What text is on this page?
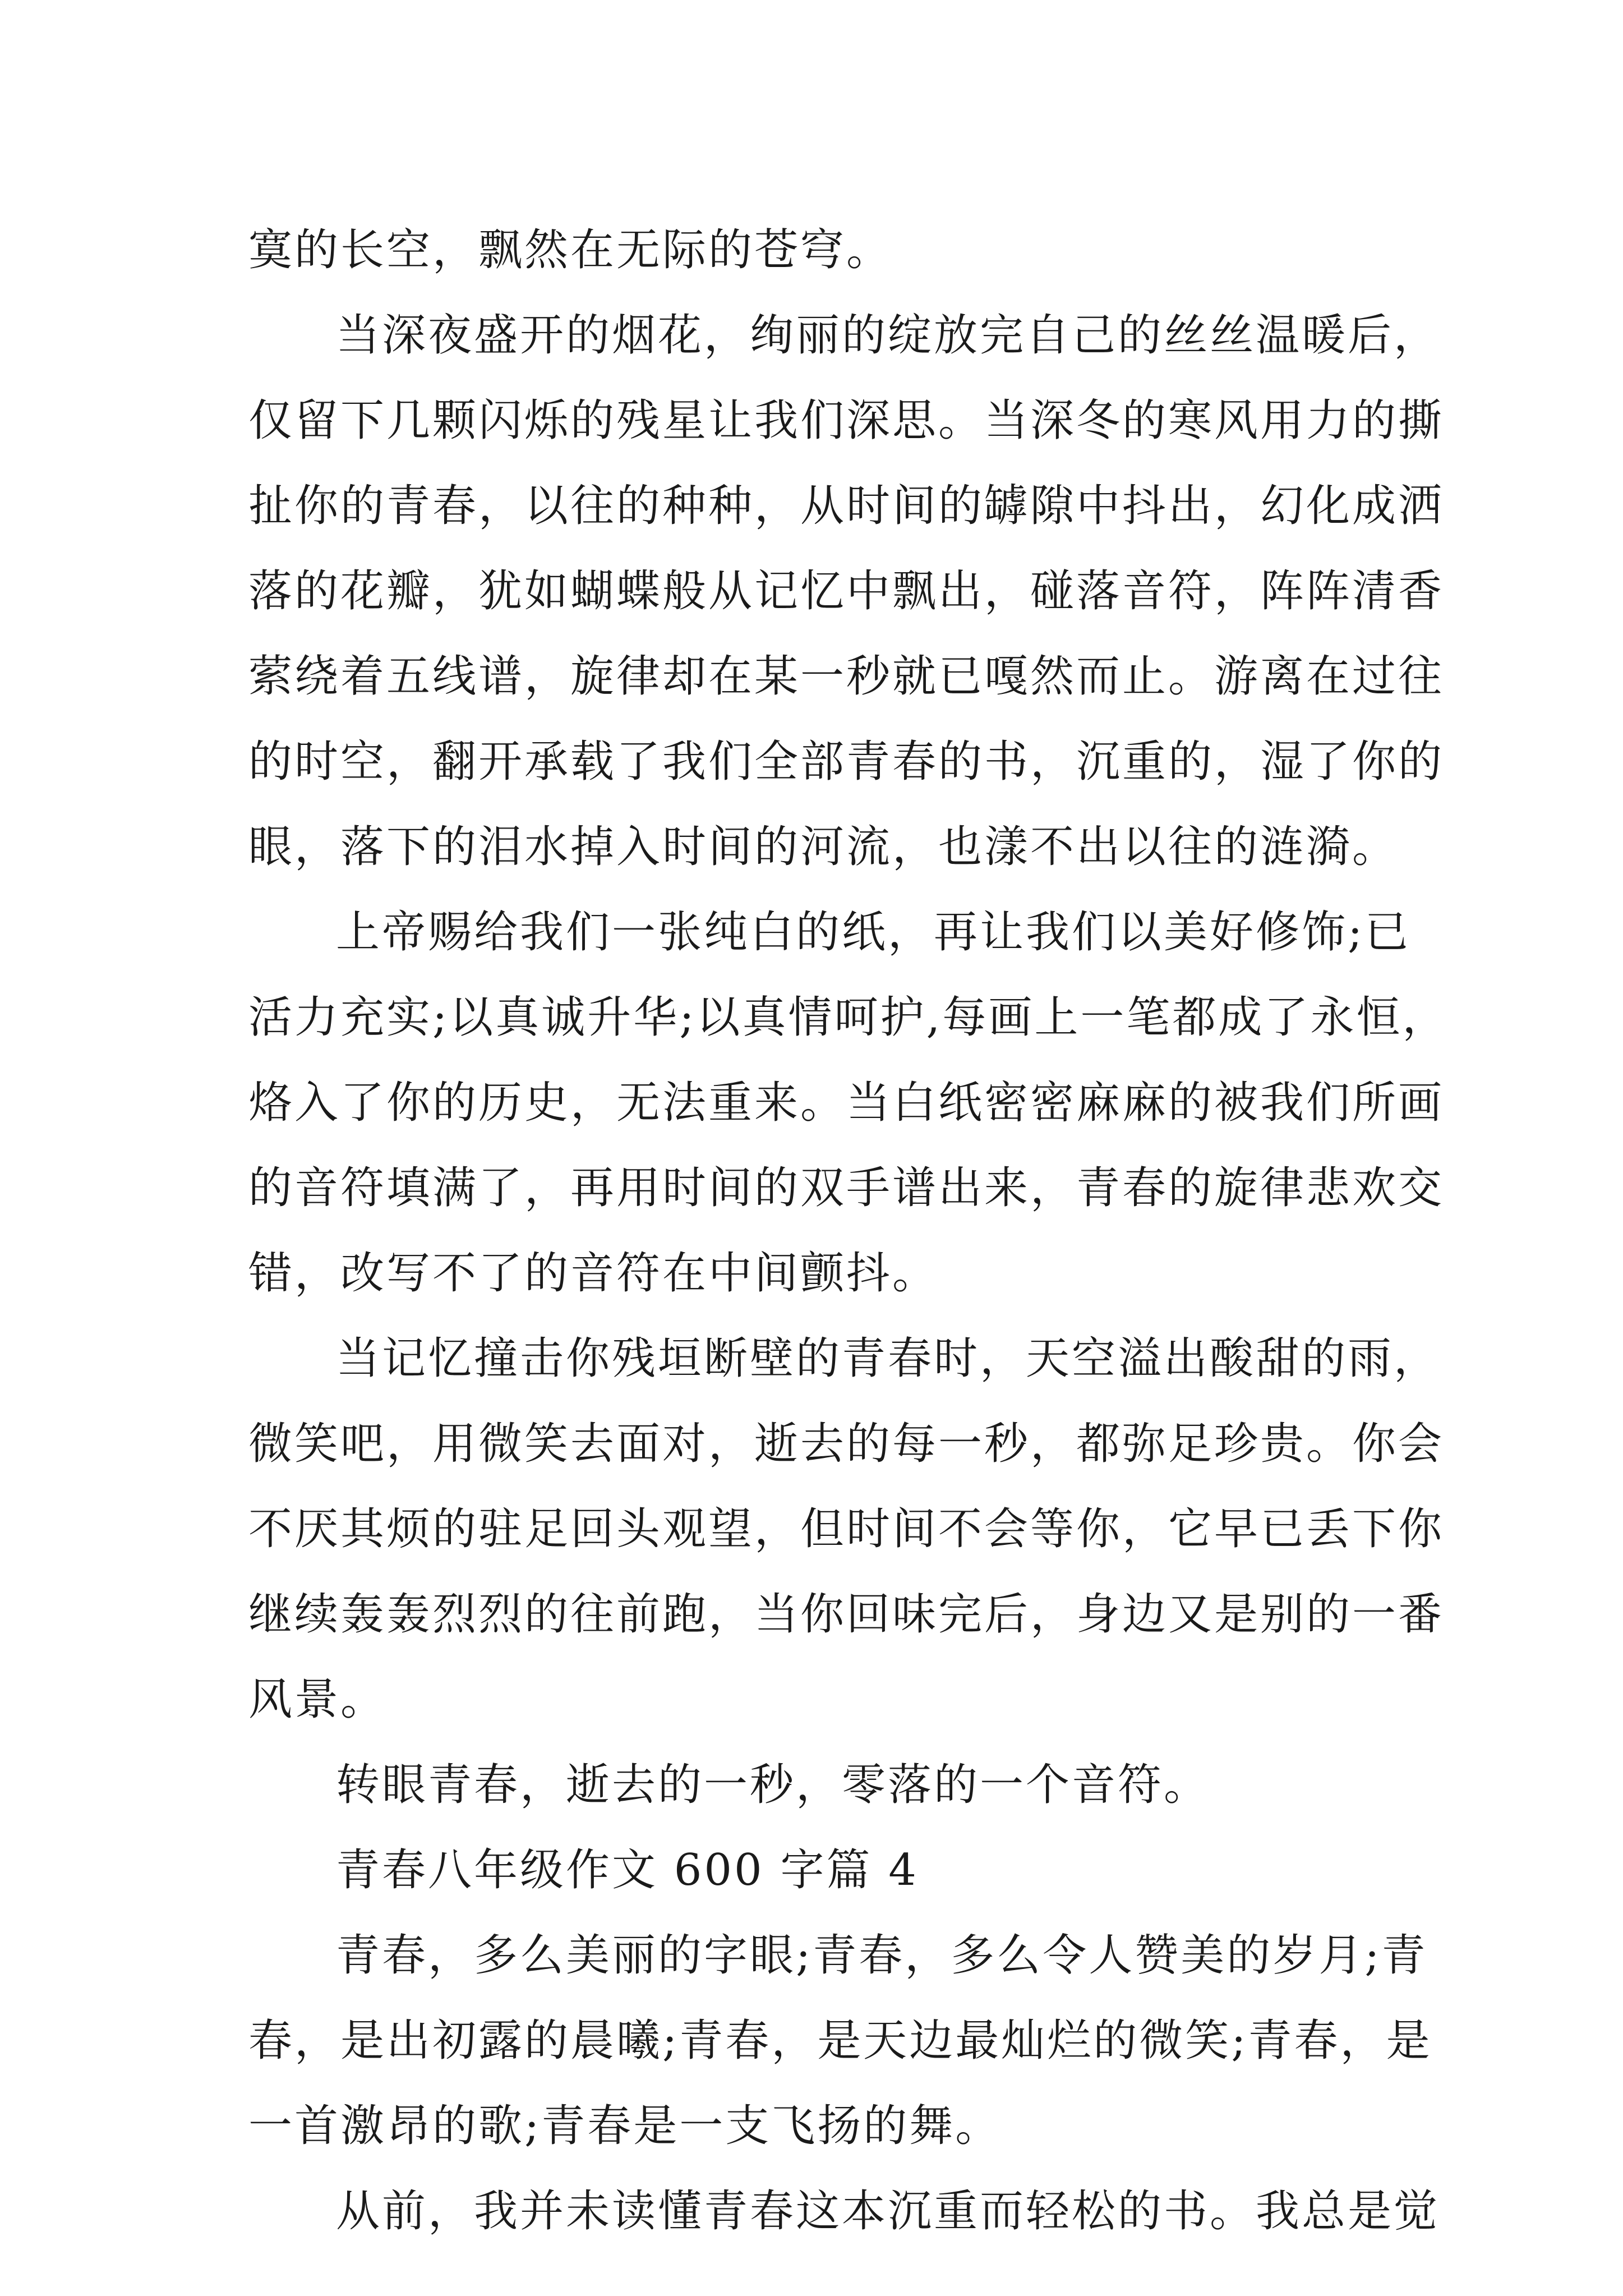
寞的长空，飘然在无际的苍穹。
当深夜盛开的烟花，绚丽的绽放完自己的丝丝温暖后，
仅留下几颗闪烁的残星让我们深思。当深冬的寒风用力的撕
扯你的青春，以往的种种，从时间的罅隙中抖出，幻化成洒
落的花瓣，犹如蝴蝶般从记忆中飘出，碰落音符，阵阵清香
萦绕着五线谱，旋律却在某一秒就已嘎然而止。游离在过往
的时空，翻开承载了我们全部青春的书，沉重的，湿了你的
眼，落下的泪水掉入时间的河流，也漾不出以往的涟漪。
上帝赐给我们一张纯白的纸，再让我们以美好修饰;已
活力充实;以真诚升华;以真情呵护,每画上一笔都成了永恒，
烙入了你的历史，无法重来。当白纸密密麻麻的被我们所画
的音符填满了，再用时间的双手谱出来，青春的旋律悲欢交
错，改写不了的音符在中间颤抖。
当记忆撞击你残垣断壁的青春时，天空溢出酸甜的雨，
微笑吧，用微笑去面对，逝去的每一秒，都弥足珍贵。你会
不厌其烦的驻足回头观望，但时间不会等你，它早已丢下你
继续轰轰烈烈的往前跑，当你回味完后，身边又是别的一番
风景。
转眼青春，逝去的一秒，零落的一个音符。
青春八年级作文 600 字篇 4
青春，多么美丽的字眼;青春，多么令人赞美的岁月;青
春，是出初露的晨曦;青春，是天边最灿烂的微笑;青春，是
一首激昂的歌;青春是一支飞扬的舞。
从前，我并未读懂青春这本沉重而轻松的书。我总是觉
